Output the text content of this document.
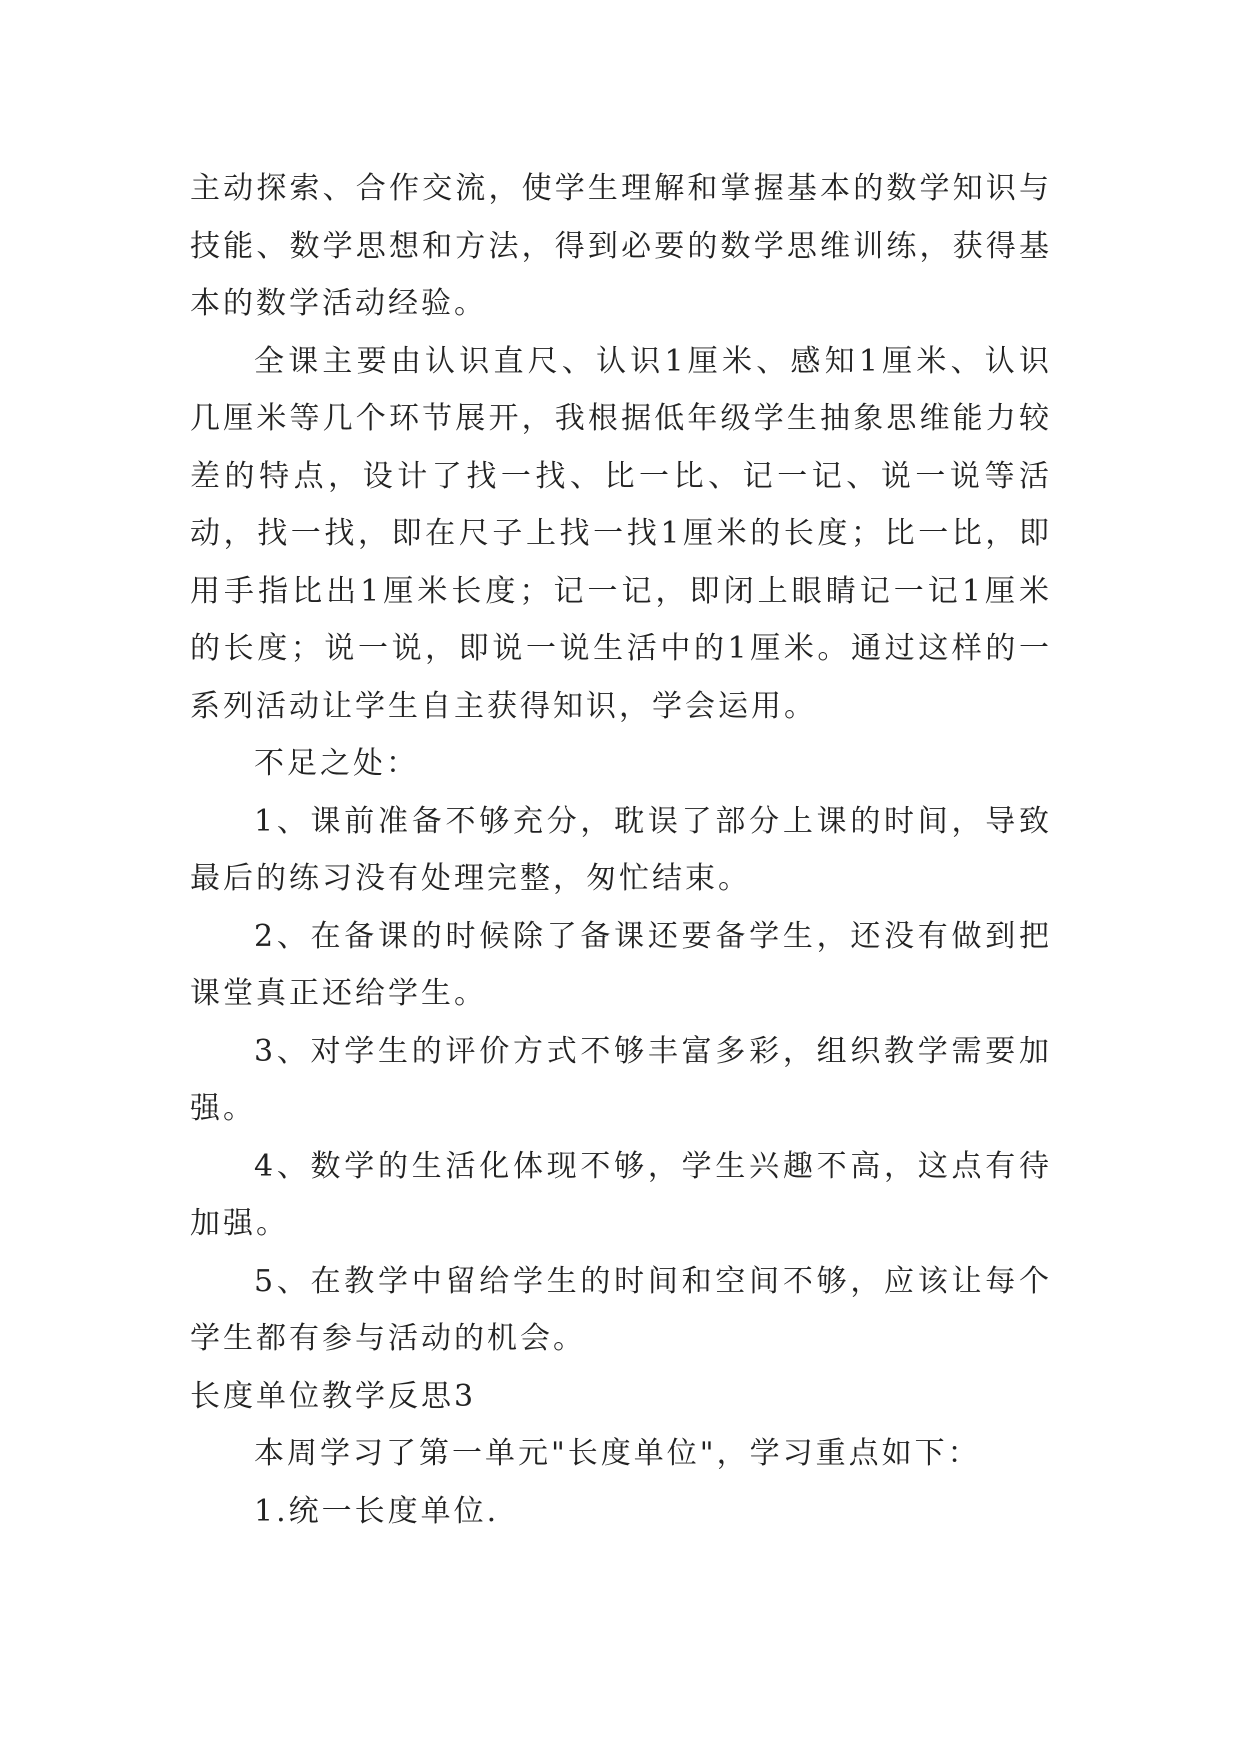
主动探索、合作交流，使学生理解和掌握基本的数学知识与技能、数学思想和方法，得到必要的数学思维训练，获得基本的数学活动经验。

全课主要由认识直尺、认识1厘米、感知1厘米、认识几厘米等几个环节展开，我根据低年级学生抽象思维能力较差的特点，设计了找一找、比一比、记一记、说一说等活动，找一找，即在尺子上找一找1厘米的长度；比一比，即用手指比出1厘米长度；记一记，即闭上眼睛记一记1厘米的长度；说一说，即说一说生活中的1厘米。通过这样的一系列活动让学生自主获得知识，学会运用。

不足之处：

1、课前准备不够充分，耽误了部分上课的时间，导致最后的练习没有处理完整，匆忙结束。

2、在备课的时候除了备课还要备学生，还没有做到把课堂真正还给学生。

3、对学生的评价方式不够丰富多彩，组织教学需要加强。

4、数学的生活化体现不够，学生兴趣不高，这点有待加强。

5、在教学中留给学生的时间和空间不够，应该让每个学生都有参与活动的机会。

长度单位教学反思3

本周学习了第一单元"长度单位"，学习重点如下：

1.统一长度单位.
